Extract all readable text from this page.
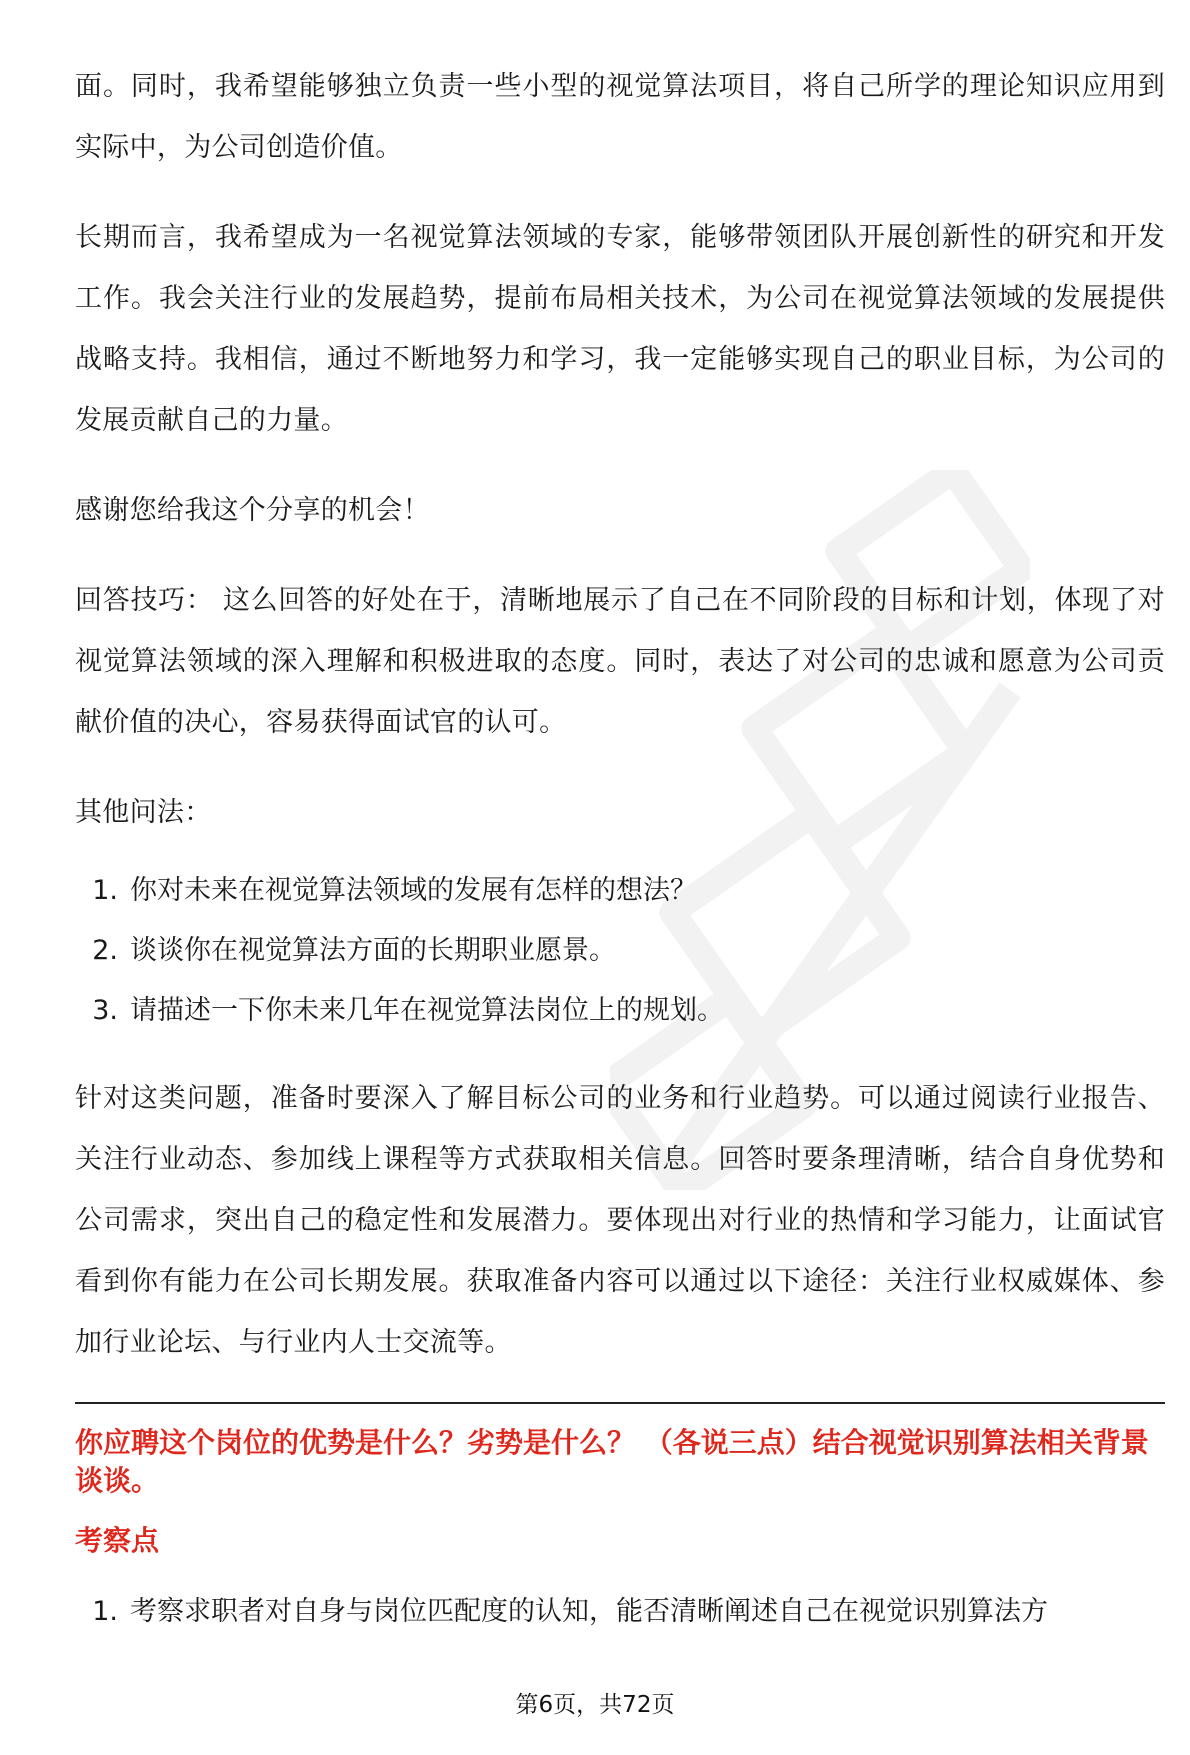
面。同时，我希望能够独立负责一些小型的视觉算法项目，将自己所学的理论知识应用到实际中，为公司创造价值。

长期而言，我希望成为一名视觉算法领域的专家，能够带领团队开展创新性的研究和开发工作。我会关注行业的发展趋势，提前布局相关技术，为公司在视觉算法领域的发展提供战略支持。我相信，通过不断地努力和学习，我一定能够实现自己的职业目标，为公司的发展贡献自己的力量。

感谢您给我这个分享的机会！

回答技巧： 这么回答的好处在于，清晰地展示了自己在不同阶段的目标和计划，体现了对视觉算法领域的深入理解和积极进取的态度。同时，表达了对公司的忠诚和愿意为公司贡献价值的决心，容易获得面试官的认可。

其他问法：

1. 你对未来在视觉算法领域的发展有怎样的想法？
2. 谈谈你在视觉算法方面的长期职业愿景。
3. 请描述一下你未来几年在视觉算法岗位上的规划。

针对这类问题，准备时要深入了解目标公司的业务和行业趋势。可以通过阅读行业报告、关注行业动态、参加线上课程等方式获取相关信息。回答时要条理清晰，结合自身优势和公司需求，突出自己的稳定性和发展潜力。要体现出对行业的热情和学习能力，让面试官看到你有能力在公司长期发展。获取准备内容可以通过以下途径：关注行业权威媒体、参加行业论坛、与行业内人士交流等。

你应聘这个岗位的优势是什么？劣势是什么？ （各说三点）结合视觉识别算法相关背景谈谈。
考察点
1. 考察求职者对自身与岗位匹配度的认知，能否清晰阐述自己在视觉识别算法方
第6页，共72页
